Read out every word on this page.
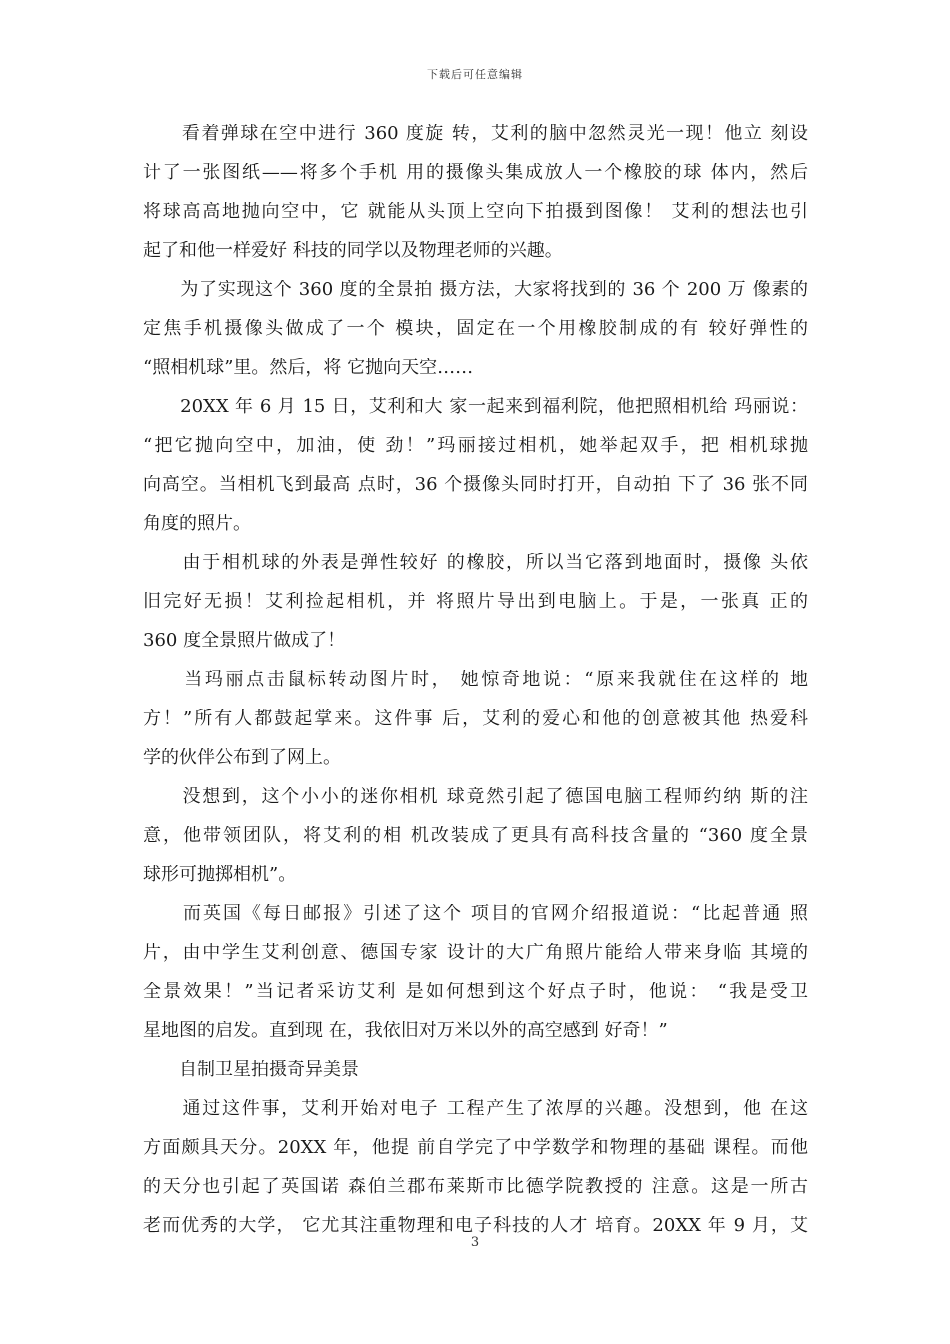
下载后可任意编辑
　　看着弹球在空中进行 360 度旋 转，艾利的脑中忽然灵光一现！他立 刻设
计了一张图纸——将多个手机 用的摄像头集成放人一个橡胶的球 体内，然后
将球高高地抛向空中，它 就能从头顶上空向下拍摄到图像！ 艾利的想法也引
起了和他一样爱好 科技的同学以及物理老师的兴趣。
　　为了实现这个 360 度的全景拍 摄方法，大家将找到的 36 个 200 万 像素的
定焦手机摄像头做成了一个 模块，固定在一个用橡胶制成的有 较好弹性的
“照相机球”里。然后，将 它抛向天空……
　　20XX 年 6 月 15 日，艾利和大 家一起来到福利院，他把照相机给 玛丽说：
“把它抛向空中，加油，使 劲！”玛丽接过相机，她举起双手，把 相机球抛
向高空。当相机飞到最高 点时，36 个摄像头同时打开，自动拍 下了 36 张不同
角度的照片。
　　由于相机球的外表是弹性较好 的橡胶，所以当它落到地面时，摄像 头依
旧完好无损！艾利捡起相机，并 将照片导出到电脑上。于是，一张真 正的
360 度全景照片做成了！
　　当玛丽点击鼠标转动图片时， 她惊奇地说：“原来我就住在这样的 地
方！”所有人都鼓起掌来。这件事 后，艾利的爱心和他的创意被其他 热爱科
学的伙伴公布到了网上。
　　没想到，这个小小的迷你相机 球竟然引起了德国电脑工程师约纳 斯的注
意，他带领团队，将艾利的相 机改装成了更具有高科技含量的 “360 度全景
球形可抛掷相机”。
　　而英国《每日邮报》引述了这个 项目的官网介绍报道说：“比起普通 照
片，由中学生艾利创意、德国专家 设计的大广角照片能给人带来身临 其境的
全景效果！”当记者采访艾利 是如何想到这个好点子时，他说： “我是受卫
星地图的启发。直到现 在，我依旧对万米以外的高空感到 好奇！”
　　自制卫星拍摄奇异美景
　　通过这件事，艾利开始对电子 工程产生了浓厚的兴趣。没想到，他 在这
方面颇具天分。20XX 年，他提 前自学完了中学数学和物理的基础 课程。而他
的天分也引起了英国诺 森伯兰郡布莱斯市比德学院教授的 注意。这是一所古
老而优秀的大学， 它尤其注重物理和电子科技的人才 培育。20XX 年 9 月，艾
3
